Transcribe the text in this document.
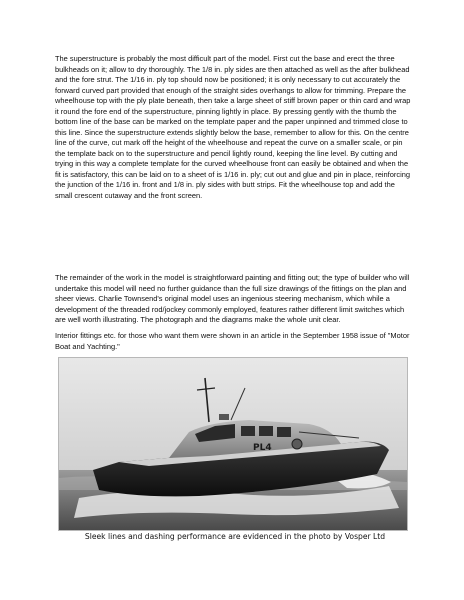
The superstructure is probably the most difficult part of the model. First cut the base and erect the three bulkheads on it; allow to dry thoroughly. The 1/8 in. ply sides are then attached as well as the after bulkhead and the fore strut. The 1/16 in. ply top should now be positioned; it is only necessary to cut accurately the forward curved part provided that enough of the straight sides overhangs to allow for trimming. Prepare the wheelhouse top with the ply plate beneath, then take a large sheet of stiff brown paper or thin card and wrap it round the fore end of the superstructure, pinning lightly in place. By pressing gently with the thumb the bottom line of the base can be marked on the template paper and the paper unpinned and trimmed close to this line. Since the superstructure extends slightly below the base, remember to allow for this. On the centre line of the curve, cut mark off the height of the wheelhouse and repeat the curve on a smaller scale, or pin the template back on to the superstructure and pencil lightly round, keeping the line level. By cutting and trying in this way a complete template for the curved wheelhouse front can easily be obtained and when the fit is satisfactory, this can be laid on to a sheet of is 1/16 in. ply; cut out and glue and pin in place, reinforcing the junction of the 1/16 in. front and 1/8 in. ply sides with butt strips. Fit the wheelhouse top and add the small crescent cutaway and the front screen.

The remainder of the work in the model is straightforward painting and fitting out; the type of builder who will undertake this model will need no further guidance than the full size drawings of the fittings on the plan and sheer views. Charlie Townsend's original model uses an ingenious steering mechanism, which while a development of the threaded rod/jockey commonly employed, features rather different limit switches which are well worth illustrating. The photograph and the diagrams make the whole unit clear.

Interior fittings etc. for those who want them were shown in an article in the September 1958 issue of "Motor Boat and Yachting."

PL4

Sleek lines and dashing performance are evidenced in the photo by Vosper Ltd
